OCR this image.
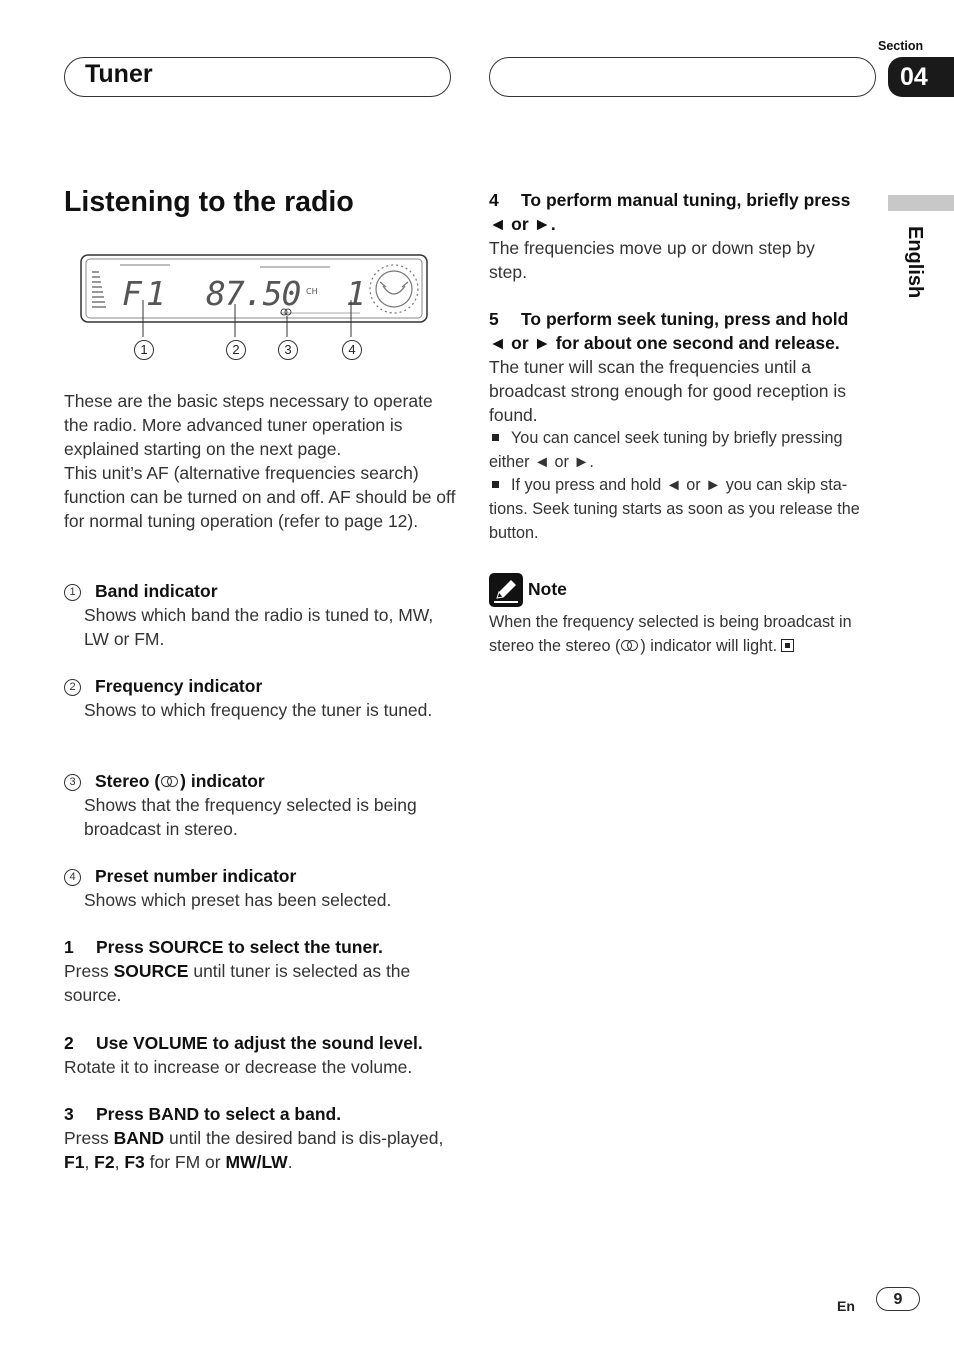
Tuner
Section
04
English
Listening to the radio
F1 87.50 CH 1
1	2	3	4
These are the basic steps necessary to operate the radio. More advanced tuner operation is explained starting on the next page.
This unit’s AF (alternative frequencies search) function can be turned on and off. AF should be off for normal tuning operation (refer to page 12).
1 Band indicator
Shows which band the radio is tuned to, MW, LW or FM.
2 Frequency indicator
Shows to which frequency the tuner is tuned.
3 Stereo ( ) indicator
Shows that the frequency selected is being broadcast in stereo.
4 Preset number indicator
Shows which preset has been selected.
1 Press SOURCE to select the tuner.
Press SOURCE until tuner is selected as the source.
2 Use VOLUME to adjust the sound level.
Rotate it to increase or decrease the volume.
3 Press BAND to select a band.
Press BAND until the desired band is dis-played, F1, F2, F3 for FM or MW/LW.
4 To perform manual tuning, briefly press
◄ or ►.
The frequencies move up or down step by step.
5 To perform seek tuning, press and hold
◄ or ► for about one second and release.
The tuner will scan the frequencies until a broadcast strong enough for good reception is found.
You can cancel seek tuning by briefly pressing either ◄ or ►.
If you press and hold ◄ or ► you can skip sta-tions. Seek tuning starts as soon as you release the button.
Note
When the frequency selected is being broadcast in stereo the stereo ( ) indicator will light.
En	9
